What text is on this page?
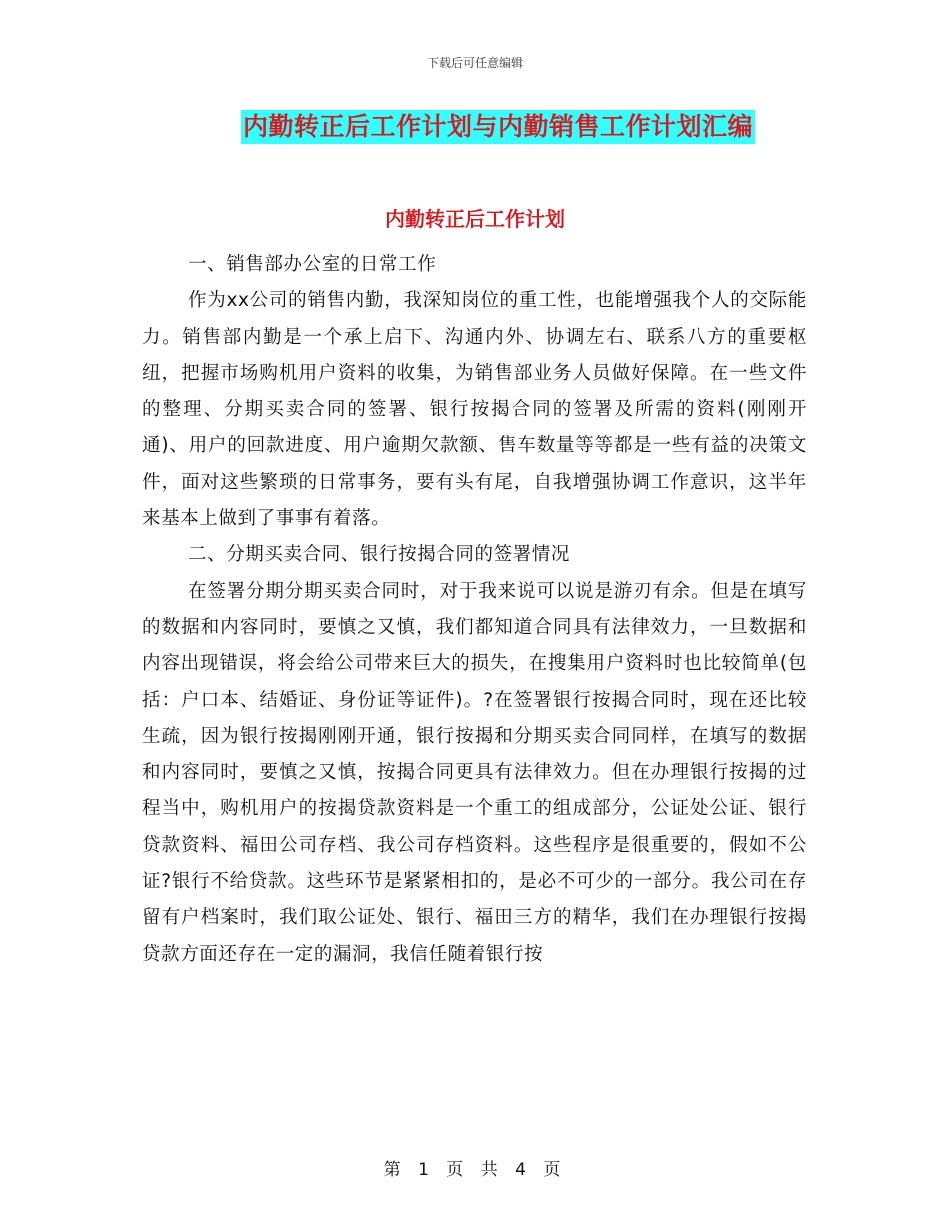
下载后可任意编辑
内勤转正后工作计划与内勤销售工作计划汇编
内勤转正后工作计划

一、销售部办公室的日常工作

作为xx公司的销售内勤，我深知岗位的重工性，也能增强我个人的交际能力。销售部内勤是一个承上启下、沟通内外、协调左右、联系八方的重要枢纽，把握市场购机用户资料的收集，为销售部业务人员做好保障。在一些文件的整理、分期买卖合同的签署、银行按揭合同的签署及所需的资料(刚刚开通)、用户的回款进度、用户逾期欠款额、售车数量等等都是一些有益的决策文件，面对这些繁琐的日常事务，要有头有尾，自我增强协调工作意识，这半年来基本上做到了事事有着落。

二、分期买卖合同、银行按揭合同的签署情况

在签署分期分期买卖合同时，对于我来说可以说是游刃有余。但是在填写的数据和内容同时，要慎之又慎，我们都知道合同具有法律效力，一旦数据和内容出现错误，将会给公司带来巨大的损失，在搜集用户资料时也比较简单(包括：户口本、结婚证、身份证等证件)。?在签署银行按揭合同时，现在还比较生疏，因为银行按揭刚刚开通，银行按揭和分期买卖合同同样，在填写的数据和内容同时，要慎之又慎，按揭合同更具有法律效力。但在办理银行按揭的过程当中，购机用户的按揭贷款资料是一个重工的组成部分，公证处公证、银行贷款资料、福田公司存档、我公司存档资料。这些程序是很重要的，假如不公证?银行不给贷款。这些环节是紧紧相扣的，是必不可少的一部分。我公司在存留有户档案时，我们取公证处、银行、福田三方的精华，我们在办理银行按揭贷款方面还存在一定的漏洞，我信任随着银行按

第 1 页 共 4 页
